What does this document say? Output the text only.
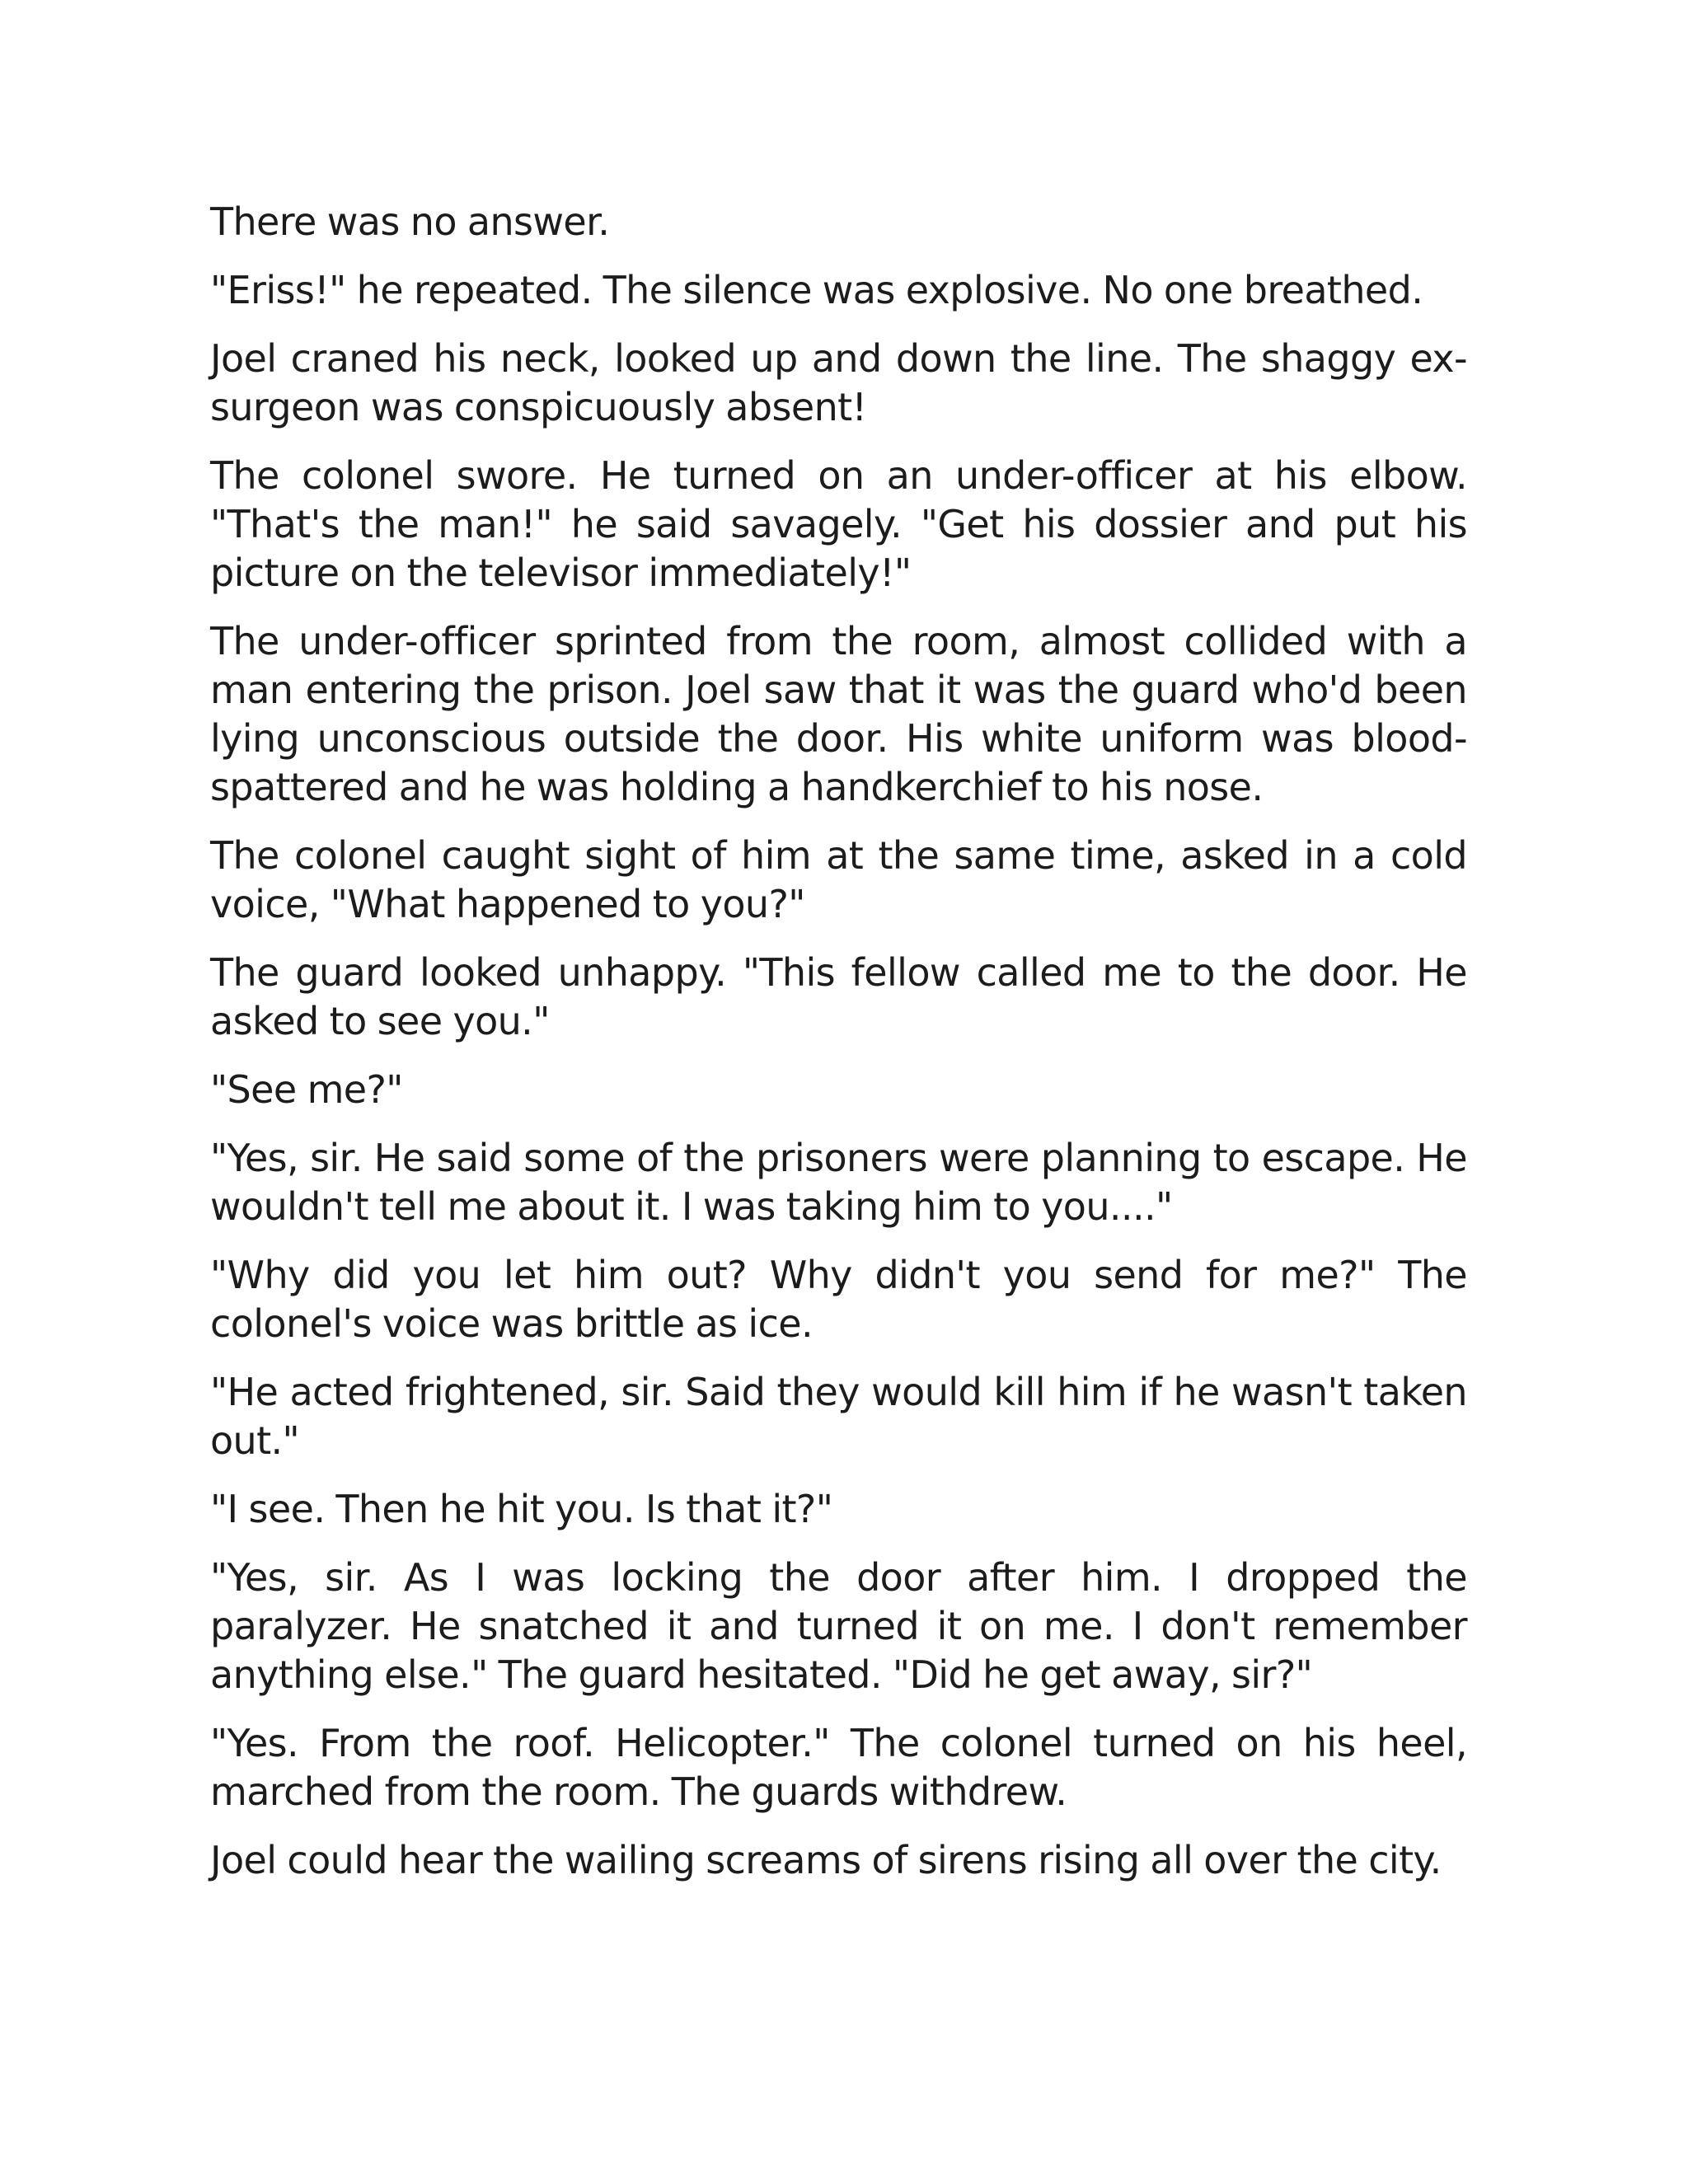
There was no answer.

"Eriss!" he repeated. The silence was explosive. No one breathed.

Joel craned his neck, looked up and down the line. The shaggy ex-surgeon was conspicuously absent!

The colonel swore. He turned on an under-officer at his elbow. "That's the man!" he said savagely. "Get his dossier and put his picture on the televisor immediately!"

The under-officer sprinted from the room, almost collided with a man entering the prison. Joel saw that it was the guard who'd been lying unconscious outside the door. His white uniform was blood-spattered and he was holding a handkerchief to his nose.

The colonel caught sight of him at the same time, asked in a cold voice, "What happened to you?"

The guard looked unhappy. "This fellow called me to the door. He asked to see you."

"See me?"

"Yes, sir. He said some of the prisoners were planning to escape. He wouldn't tell me about it. I was taking him to you...."

"Why did you let him out? Why didn't you send for me?" The colonel's voice was brittle as ice.

"He acted frightened, sir. Said they would kill him if he wasn't taken out."

"I see. Then he hit you. Is that it?"

"Yes, sir. As I was locking the door after him. I dropped the paralyzer. He snatched it and turned it on me. I don't remember anything else." The guard hesitated. "Did he get away, sir?"

"Yes. From the roof. Helicopter." The colonel turned on his heel, marched from the room. The guards withdrew.

Joel could hear the wailing screams of sirens rising all over the city.
